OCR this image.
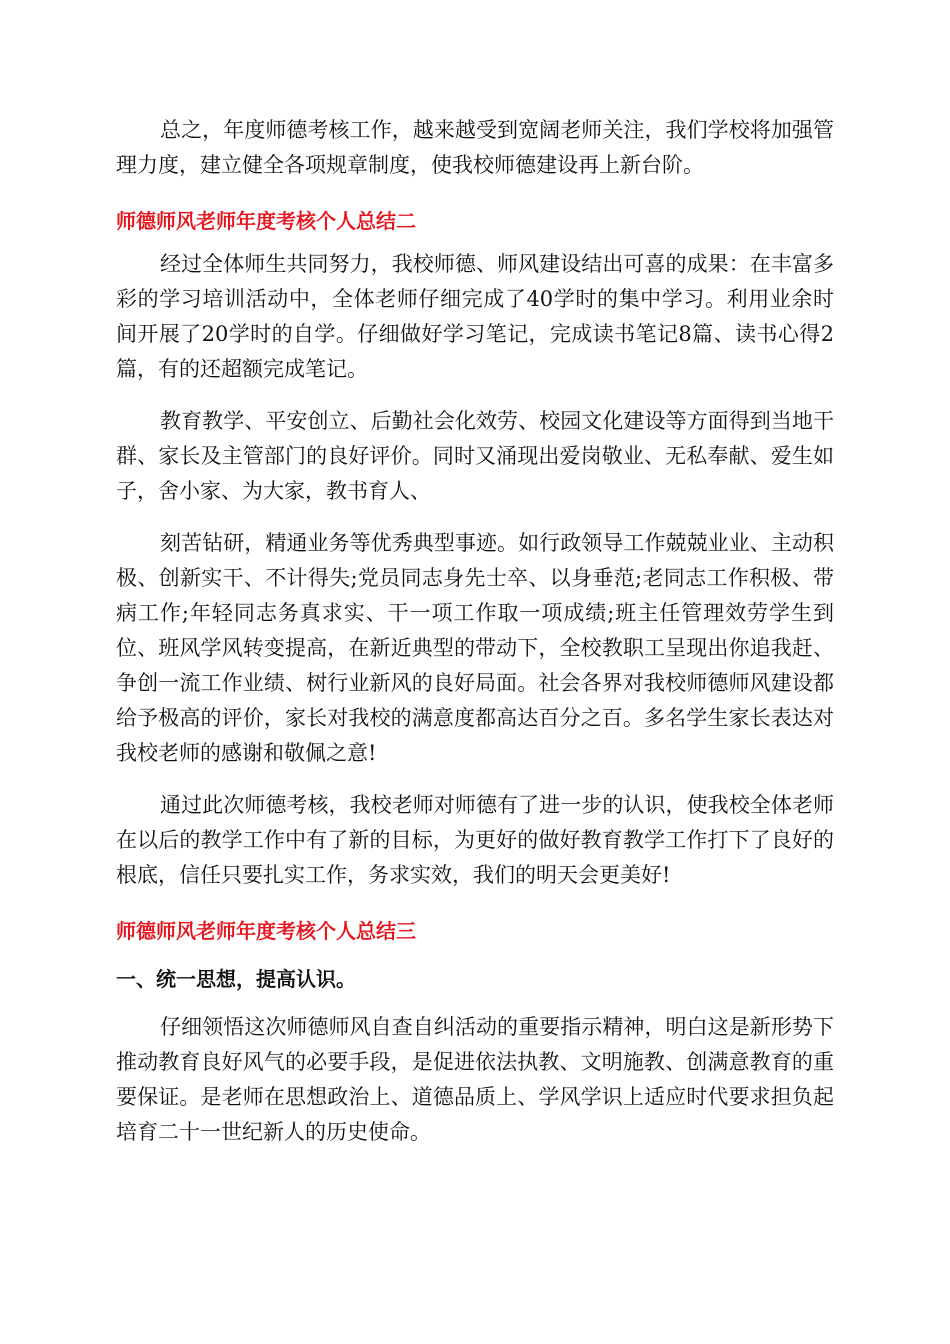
总之，年度师德考核工作，越来越受到宽阔老师关注，我们学校将加强管理力度，建立健全各项规章制度，使我校师德建设再上新台阶。

师德师风老师年度考核个人总结二

经过全体师生共同努力，我校师德、师风建设结出可喜的成果：在丰富多彩的学习培训活动中，全体老师仔细完成了40学时的集中学习。利用业余时间开展了20学时的自学。仔细做好学习笔记，完成读书笔记8篇、读书心得2篇，有的还超额完成笔记。

教育教学、平安创立、后勤社会化效劳、校园文化建设等方面得到当地干群、家长及主管部门的良好评价。同时又涌现出爱岗敬业、无私奉献、爱生如子，舍小家、为大家，教书育人、

刻苦钻研，精通业务等优秀典型事迹。如行政领导工作兢兢业业、主动积极、创新实干、不计得失;党员同志身先士卒、以身垂范;老同志工作积极、带病工作;年轻同志务真求实、干一项工作取一项成绩;班主任管理效劳学生到位、班风学风转变提高，在新近典型的带动下，全校教职工呈现出你追我赶、争创一流工作业绩、树行业新风的良好局面。社会各界对我校师德师风建设都给予极高的评价，家长对我校的满意度都高达百分之百。多名学生家长表达对我校老师的感谢和敬佩之意!

通过此次师德考核，我校老师对师德有了进一步的认识，使我校全体老师在以后的教学工作中有了新的目标，为更好的做好教育教学工作打下了良好的根底，信任只要扎实工作，务求实效，我们的明天会更美好!

师德师风老师年度考核个人总结三
一、统一思想，提高认识。

仔细领悟这次师德师风自查自纠活动的重要指示精神，明白这是新形势下推动教育良好风气的必要手段，是促进依法执教、文明施教、创满意教育的重要保证。是老师在思想政治上、道德品质上、学风学识上适应时代要求担负起培育二十一世纪新人的历史使命。
